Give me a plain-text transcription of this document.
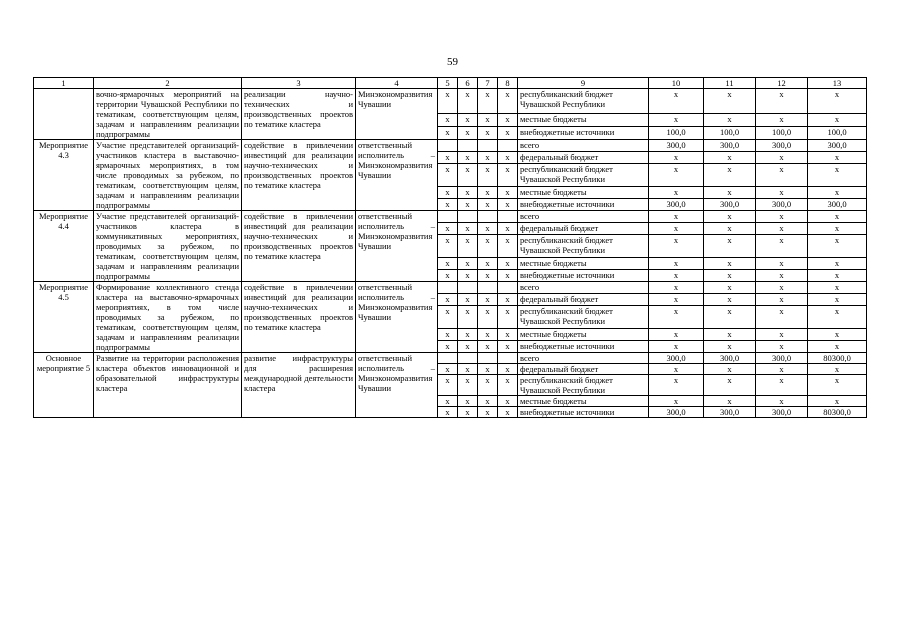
59
1	2	3	4	5	6	7	8	9	10	11	12	13
	вочно-ярмарочных мероприятий на территории Чувашской Республики по тематикам, соответствующим целям, задачам и направлениям реализации подпрограммы	реализации научно-технических и производственных проектов по тематике кластера	Минэкономразвития Чувашии	x	x	x	x	республиканский бюджет Чувашской Республики	x	x	x	x
				x	x	x	x	местные бюджеты	x	x	x	x
				x	x	x	x	внебюджетные источники	100,0	100,0	100,0	100,0
Мероприятие 4.3	Участие представителей организаций-участников кластера в выставочно-ярмарочных мероприятиях, в том числе проводимых за рубежом, по тематикам, соответствующим целям, задачам и направлениям реализации подпрограммы	содействие в привлечении инвестиций для реализации научно-технических и производственных проектов по тематике кластера	ответственный исполнитель – Минэкономразвития Чувашии					всего	300,0	300,0	300,0	300,0
				x	x	x	x	федеральный бюджет	x	x	x	x
				x	x	x	x	республиканский бюджет Чувашской Республики	x	x	x	x
				x	x	x	x	местные бюджеты	x	x	x	x
				x	x	x	x	внебюджетные источники	300,0	300,0	300,0	300,0
Мероприятие 4.4	Участие представителей организаций-участников кластера в коммуникативных мероприятиях, проводимых за рубежом, по тематикам, соответствующим целям, задачам и направлениям реализации подпрограммы	содействие в привлечении инвестиций для реализации научно-технических и производственных проектов по тематике кластера	ответственный исполнитель – Минэкономразвития Чувашии					всего	x	x	x	x
				x	x	x	x	федеральный бюджет	x	x	x	x
				x	x	x	x	республиканский бюджет Чувашской Республики	x	x	x	x
				x	x	x	x	местные бюджеты	x	x	x	x
				x	x	x	x	внебюджетные источники	x	x	x	x
Мероприятие 4.5	Формирование коллективного стенда кластера на выставочно-ярмарочных мероприятиях, в том числе проводимых за рубежом, по тематикам, соответствующим целям, задачам и направлениям реализации подпрограммы	содействие в привлечении инвестиций для реализации научно-технических и производственных проектов по тематике кластера	ответственный исполнитель – Минэкономразвития Чувашии					всего	x	x	x	x
				x	x	x	x	федеральный бюджет	x	x	x	x
				x	x	x	x	республиканский бюджет Чувашской Республики	x	x	x	x
				x	x	x	x	местные бюджеты	x	x	x	x
				x	x	x	x	внебюджетные источники	x	x	x	x
Основное мероприятие 5	Развитие на территории расположения кластера объектов инновационной и образовательной инфраструктуры кластера	развитие инфраструктуры для расширения международной деятельности кластера	ответственный исполнитель – Минэкономразвития Чувашии					всего	300,0	300,0	300,0	80300,0
				x	x	x	x	федеральный бюджет	x	x	x	x
				x	x	x	x	республиканский бюджет Чувашской Республики	x	x	x	x
				x	x	x	x	местные бюджеты	x	x	x	x
				x	x	x	x	внебюджетные источники	300,0	300,0	300,0	80300,0
